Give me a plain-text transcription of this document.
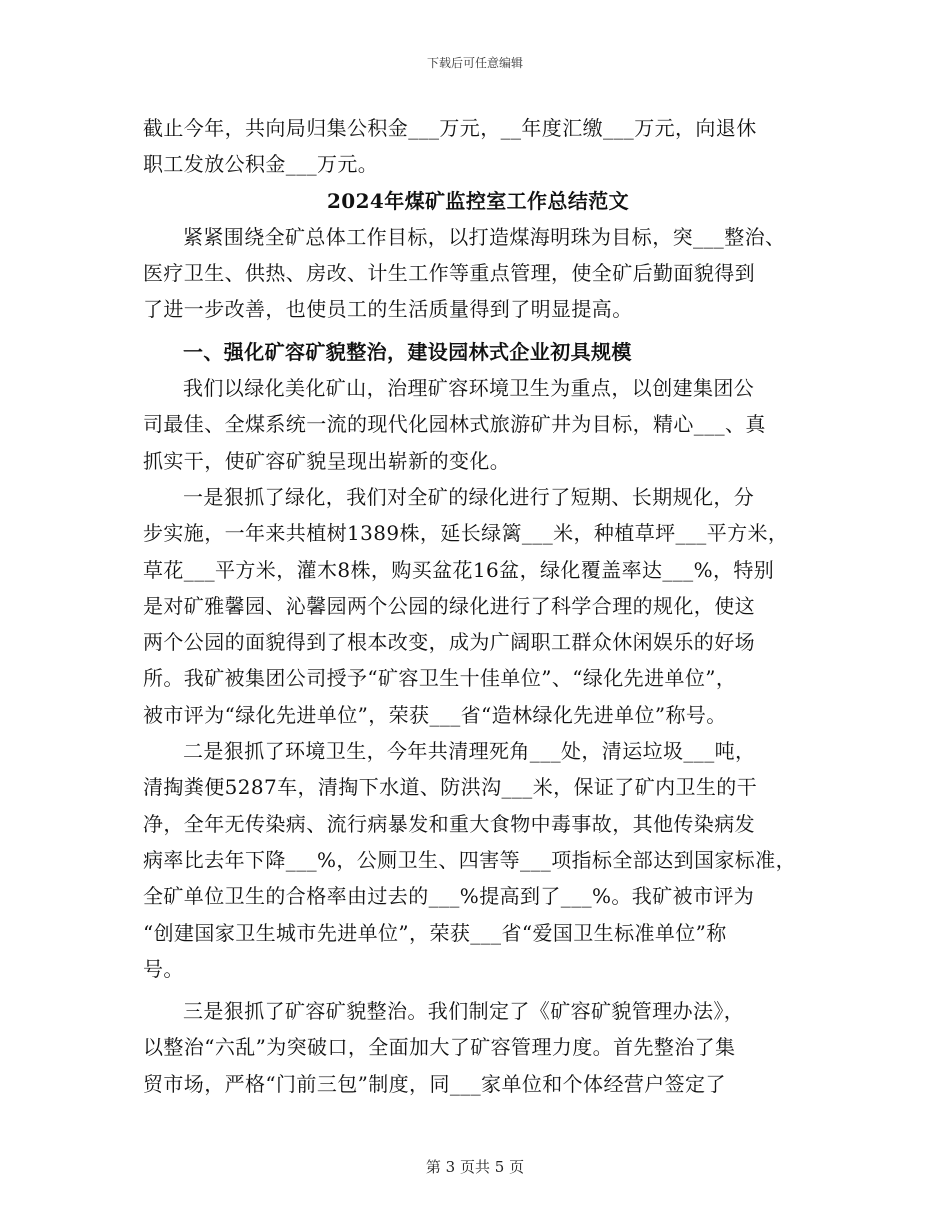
下载后可任意编辑
截止今年，共向局归集公积金___万元，__年度汇缴___万元，向退休
职工发放公积金___万元。
2024年煤矿监控室工作总结范文
紧紧围绕全矿总体工作目标，以打造煤海明珠为目标，突___整治、
医疗卫生、供热、房改、计生工作等重点管理，使全矿后勤面貌得到
了进一步改善，也使员工的生活质量得到了明显提高。
一、强化矿容矿貌整治，建设园林式企业初具规模
我们以绿化美化矿山，治理矿容环境卫生为重点，以创建集团公
司最佳、全煤系统一流的现代化园林式旅游矿井为目标，精心___、真
抓实干，使矿容矿貌呈现出崭新的变化。
一是狠抓了绿化，我们对全矿的绿化进行了短期、长期规化，分
步实施，一年来共植树1389株，延长绿篱___米，种植草坪___平方米，
草花___平方米，灌木8株，购买盆花16盆，绿化覆盖率达___%，特别
是对矿雅馨园、沁馨园两个公园的绿化进行了科学合理的规化，使这
两个公园的面貌得到了根本改变，成为广阔职工群众休闲娱乐的好场
所。我矿被集团公司授予“矿容卫生十佳单位”、“绿化先进单位”，
被市评为“绿化先进单位”，荣获___省“造林绿化先进单位”称号。
二是狠抓了环境卫生，今年共清理死角___处，清运垃圾___吨，
清掏粪便5287车，清掏下水道、防洪沟___米，保证了矿内卫生的干
净，全年无传染病、流行病暴发和重大食物中毒事故，其他传染病发
病率比去年下降___%，公厕卫生、四害等___项指标全部达到国家标准，
全矿单位卫生的合格率由过去的___%提高到了___%。我矿被市评为
“创建国家卫生城市先进单位”，荣获___省“爱国卫生标准单位”称
号。
三是狠抓了矿容矿貌整治。我们制定了《矿容矿貌管理办法》，
以整治“六乱”为突破口，全面加大了矿容管理力度。首先整治了集
贸市场，严格“门前三包”制度，同___家单位和个体经营户签定了
第 3 页共 5 页
